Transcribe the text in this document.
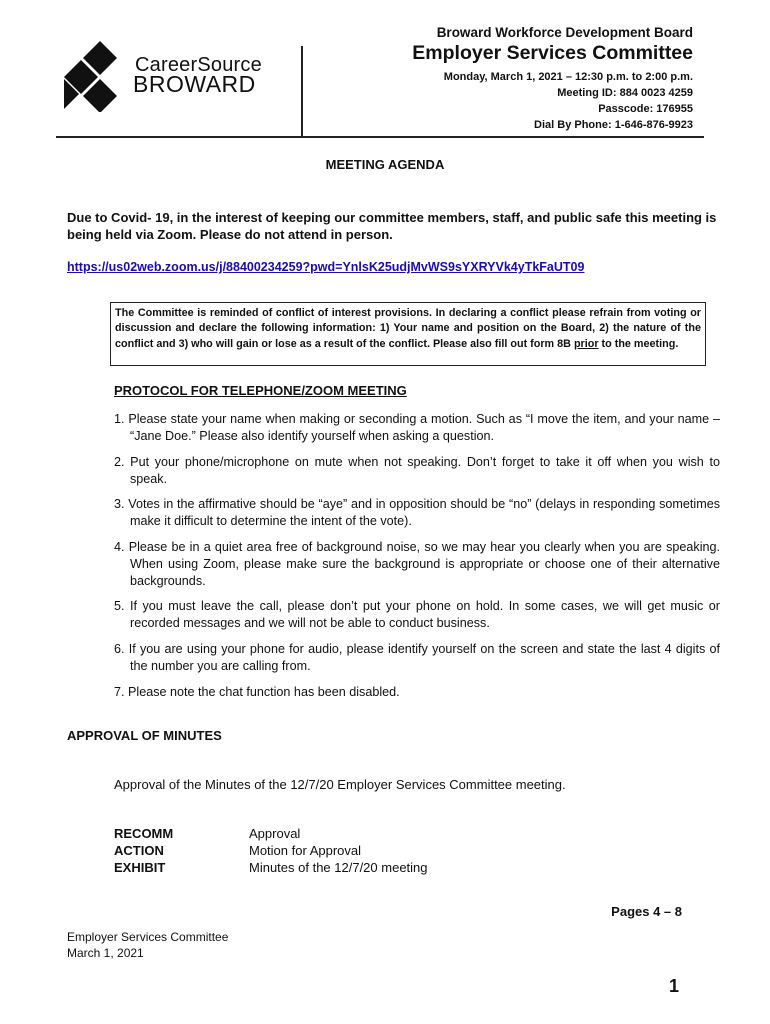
CareerSource
BROWARD
Broward Workforce Development Board
Employer Services Committee
Monday, March 1, 2021 – 12:30 p.m. to 2:00 p.m.
Meeting ID: 884 0023 4259
Passcode: 176955
Dial By Phone: 1-646-876-9923
MEETING AGENDA
Due to Covid- 19, in the interest of keeping our committee members, staff, and public safe this meeting is being held via Zoom. Please do not attend in person.
https://us02web.zoom.us/j/88400234259?pwd=YnlsK25udjMvWS9sYXRYVk4yTkFaUT09
The Committee is reminded of conflict of interest provisions. In declaring a conflict please refrain from voting or discussion and declare the following information: 1) Your name and position on the Board, 2) the nature of the conflict and 3) who will gain or lose as a result of the conflict. Please also fill out form 8B prior to the meeting.
PROTOCOL FOR TELEPHONE/ZOOM MEETING
1. Please state your name when making or seconding a motion. Such as “I move the item, and your name – “Jane Doe.” Please also identify yourself when asking a question.
2. Put your phone/microphone on mute when not speaking. Don’t forget to take it off when you wish to speak.
3. Votes in the affirmative should be “aye” and in opposition should be “no” (delays in responding sometimes make it difficult to determine the intent of the vote).
4. Please be in a quiet area free of background noise, so we may hear you clearly when you are speaking. When using Zoom, please make sure the background is appropriate or choose one of their alternative backgrounds.
5. If you must leave the call, please don’t put your phone on hold. In some cases, we will get music or recorded messages and we will not be able to conduct business.
6. If you are using your phone for audio, please identify yourself on the screen and state the last 4 digits of the number you are calling from.
7. Please note the chat function has been disabled.
APPROVAL OF MINUTES
Approval of the Minutes of the 12/7/20 Employer Services Committee meeting.
RECOMM	Approval
ACTION	Motion for Approval
EXHIBIT	Minutes of the 12/7/20 meeting
Pages 4 – 8
Employer Services Committee
March 1, 2021
1
